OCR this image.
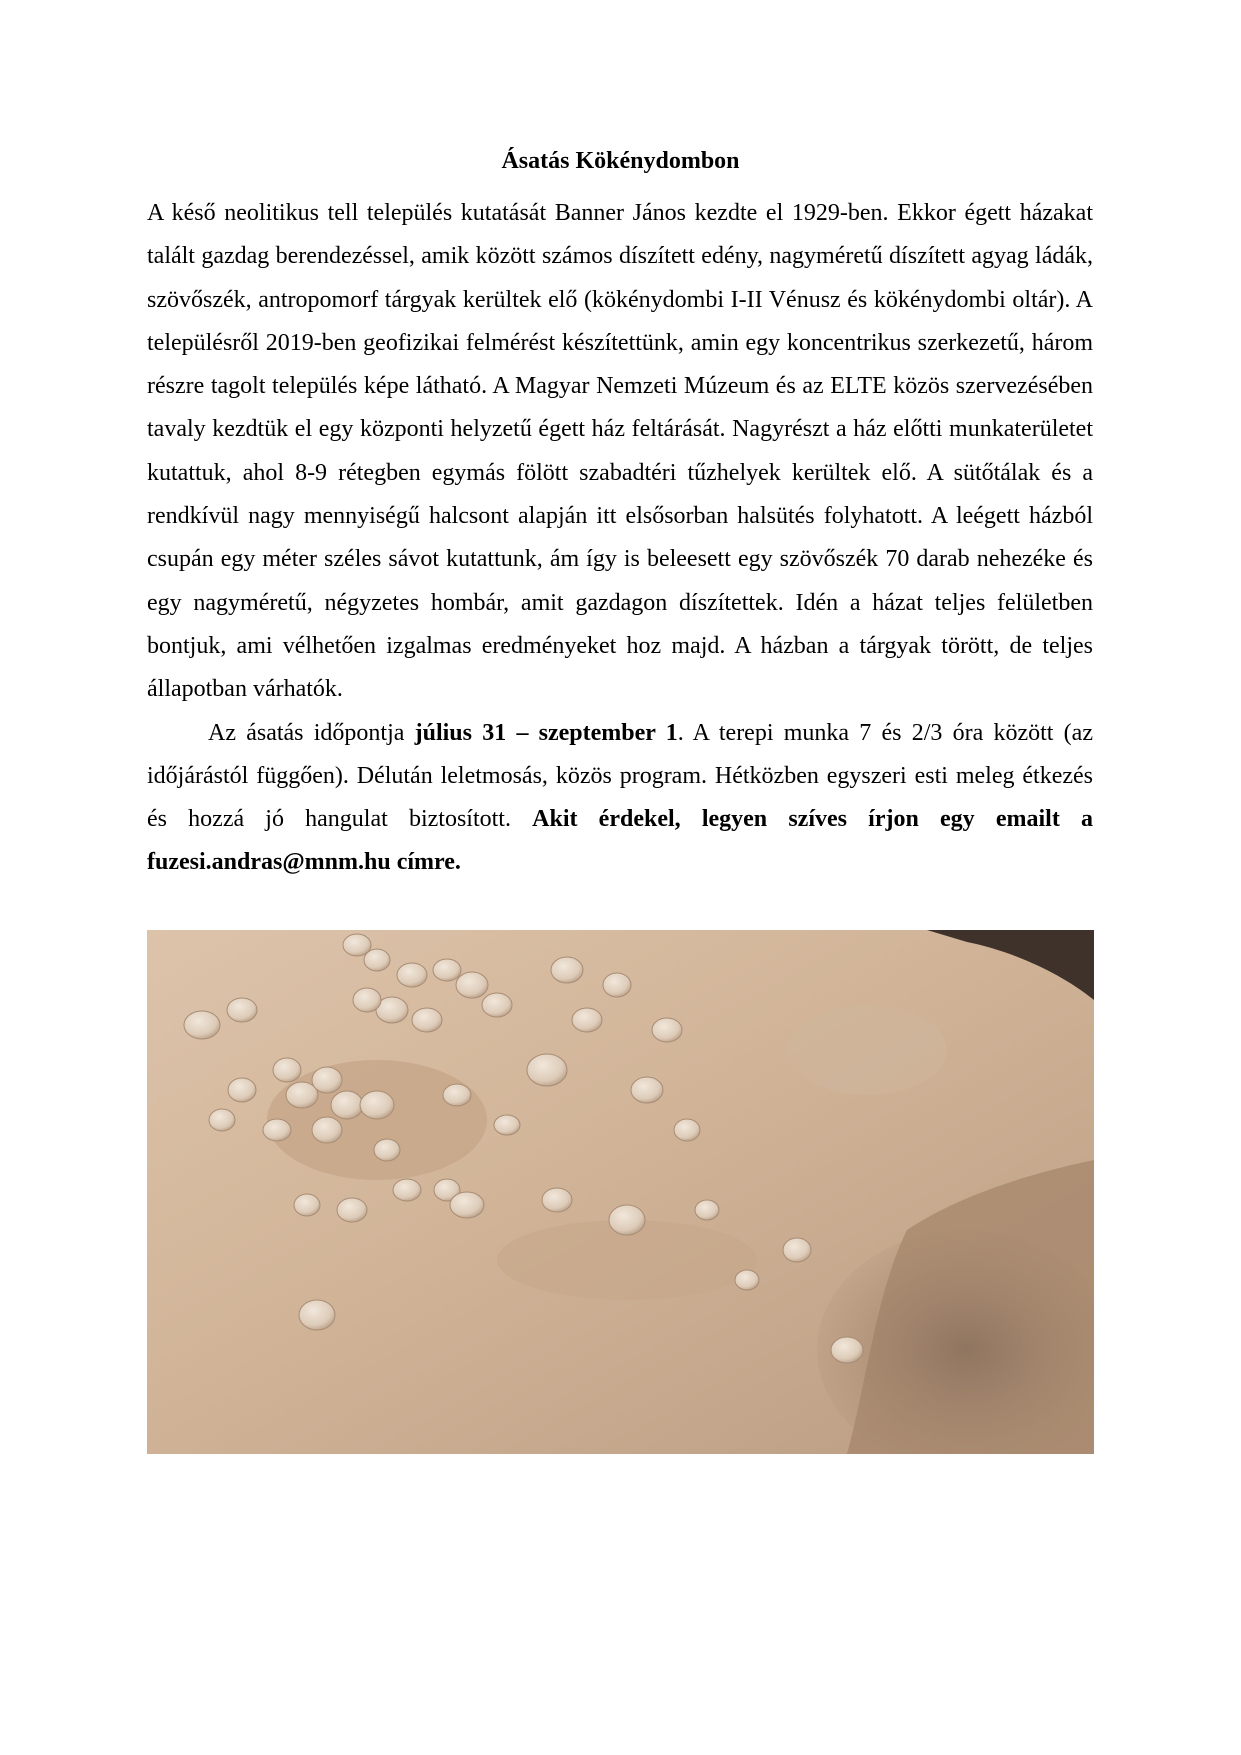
Ásatás Kökénydombon

A késő neolitikus tell település kutatását Banner János kezdte el 1929-ben. Ekkor égett házakat talált gazdag berendezéssel, amik között számos díszített edény, nagyméretű díszített agyag ládák, szövőszék, antropomorf tárgyak kerültek elő (kökénydombi I-II Vénusz és kökénydombi oltár). A településről 2019-ben geofizikai felmérést készítettünk, amin egy koncentrikus szerkezetű, három részre tagolt település képe látható. A Magyar Nemzeti Múzeum és az ELTE közös szervezésében tavaly kezdtük el egy központi helyzetű égett ház feltárását. Nagyrészt a ház előtti munkaterületet kutattuk, ahol 8-9 rétegben egymás fölött szabadtéri tűzhelyek kerültek elő. A sütőtálak és a rendkívül nagy mennyiségű halcsont alapján itt elsősorban halsütés folyhatott. A leégett házból csupán egy méter széles sávot kutattunk, ám így is beleesett egy szövőszék 70 darab nehezéke és egy nagyméretű, négyzetes hombár, amit gazdagon díszítettek. Idén a házat teljes felületben bontjuk, ami vélhetően izgalmas eredményeket hoz majd. A házban a tárgyak törött, de teljes állapotban várhatók.

Az ásatás időpontja július 31 – szeptember 1. A terepi munka 7 és 2/3 óra között (az időjárástól függően). Délután leletmosás, közös program. Hétközben egyszeri esti meleg étkezés és hozzá jó hangulat biztosított. Akit érdekel, legyen szíves írjon egy emailt a fuzesi.andras@mnm.hu címre.
